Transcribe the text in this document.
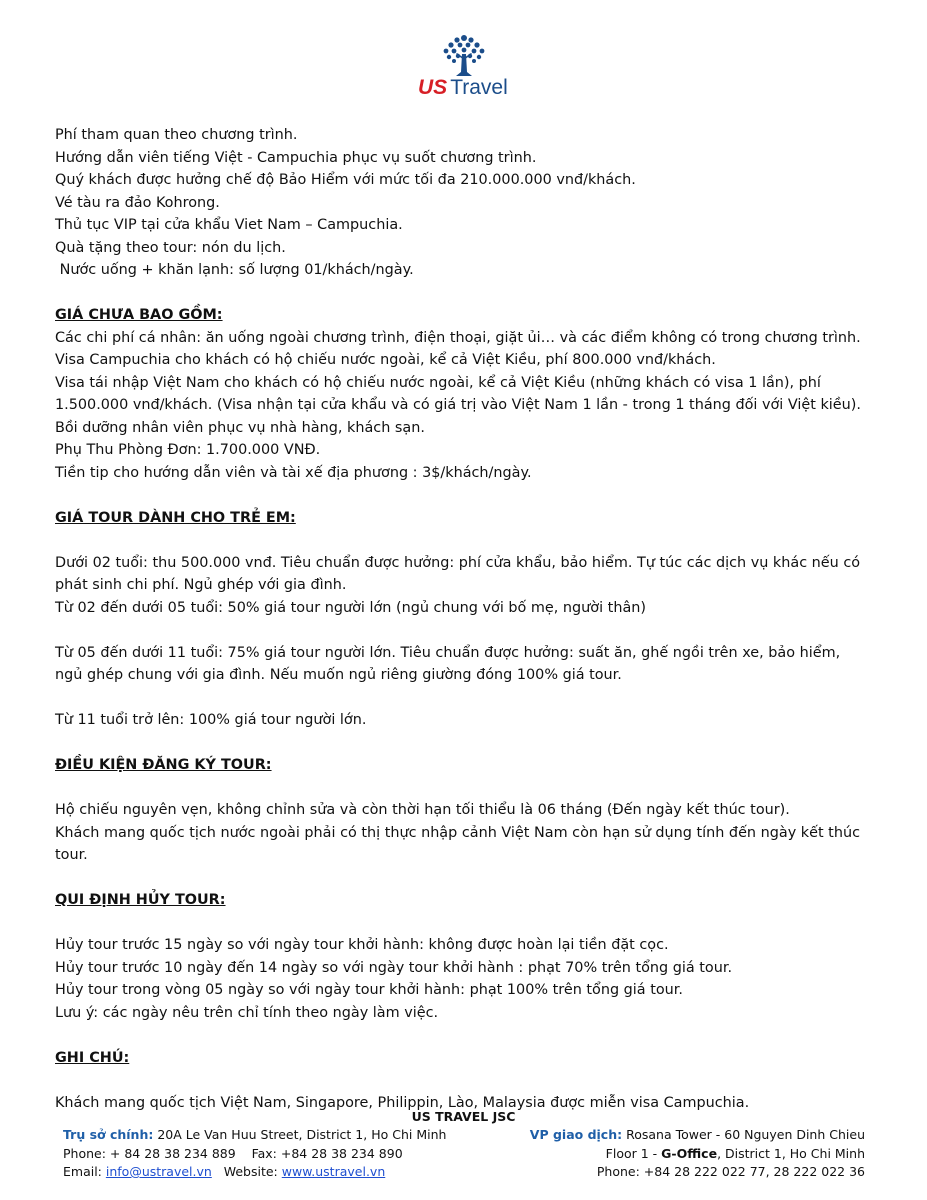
US Travel
Phí tham quan theo chương trình.
Hướng dẫn viên tiếng Việt - Campuchia phục vụ suốt chương trình.
Quý khách được hưởng chế độ Bảo Hiểm với mức tối đa 210.000.000 vnđ/khách.
Vé tàu ra đảo Kohrong.
Thủ tục VIP tại cửa khẩu Viet Nam – Campuchia.
Quà tặng theo tour: nón du lịch.
Nước uống + khăn lạnh: số lượng 01/khách/ngày.
GIÁ CHƯA BAO GỒM:
Các chi phí cá nhân: ăn uống ngoài chương trình, điện thoại, giặt ủi… và các điểm không có trong chương trình.
Visa Campuchia cho khách có hộ chiếu nước ngoài, kể cả Việt Kiều, phí 800.000 vnđ/khách.
Visa tái nhập Việt Nam cho khách có hộ chiếu nước ngoài, kể cả Việt Kiều (những khách có visa 1 lần), phí
1.500.000 vnđ/khách. (Visa nhận tại cửa khẩu và có giá trị vào Việt Nam 1 lần - trong 1 tháng đối với Việt kiều).
Bồi dưỡng nhân viên phục vụ nhà hàng, khách sạn.
Phụ Thu Phòng Đơn: 1.700.000 VNĐ.
Tiền tip cho hướng dẫn viên và tài xế địa phương : 3$/khách/ngày.
GIÁ TOUR DÀNH CHO TRẺ EM:
Dưới 02 tuổi: thu 500.000 vnđ. Tiêu chuẩn được hưởng: phí cửa khẩu, bảo hiểm. Tự túc các dịch vụ khác nếu có
phát sinh chi phí. Ngủ ghép với gia đình.
Từ 02 đến dưới 05 tuổi: 50% giá tour người lớn (ngủ chung với bố mẹ, người thân)
Từ 05 đến dưới 11 tuổi: 75% giá tour người lớn. Tiêu chuẩn được hưởng: suất ăn, ghế ngồi trên xe, bảo hiểm,
ngủ ghép chung với gia đình. Nếu muốn ngủ riêng giường đóng 100% giá tour.
Từ 11 tuổi trở lên: 100% giá tour người lớn.
ĐIỀU KIỆN ĐĂNG KÝ TOUR:
Hộ chiếu nguyên vẹn, không chỉnh sửa và còn thời hạn tối thiểu là 06 tháng (Đến ngày kết thúc tour).
Khách mang quốc tịch nước ngoài phải có thị thực nhập cảnh Việt Nam còn hạn sử dụng tính đến ngày kết thúc
tour.
QUI ĐỊNH HỦY TOUR:
Hủy tour trước 15 ngày so với ngày tour khởi hành: không được hoàn lại tiền đặt cọc.
Hủy tour trước 10 ngày đến 14 ngày so với ngày tour khởi hành : phạt 70% trên tổng giá tour.
Hủy tour trong vòng 05 ngày so với ngày tour khởi hành: phạt 100% trên tổng giá tour.
Lưu ý: các ngày nêu trên chỉ tính theo ngày làm việc.
GHI CHÚ:
Khách mang quốc tịch Việt Nam, Singapore, Philippin, Lào, Malaysia được miễn visa Campuchia.
US TRAVEL JSC
Trụ sở chính: 20A Le Van Huu Street, District 1, Ho Chi Minh
Phone: + 84 28 38 234 889    Fax: +84 28 38 234 890
Email: info@ustravel.vn   Website: www.ustravel.vn
VP giao dịch: Rosana Tower - 60 Nguyen Dinh Chieu
Floor 1 - G-Office, District 1, Ho Chi Minh
Phone: +84 28 222 022 77, 28 222 022 36
